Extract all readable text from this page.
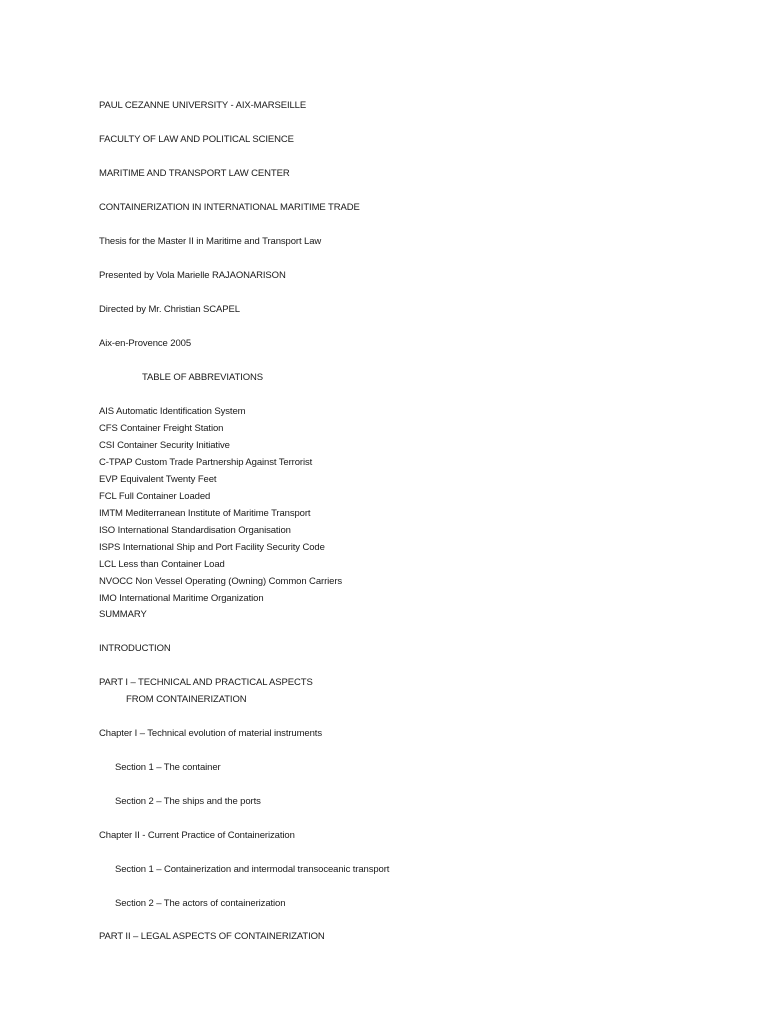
PAUL CEZANNE UNIVERSITY - AIX-MARSEILLE
FACULTY OF LAW AND POLITICAL SCIENCE
MARITIME AND TRANSPORT LAW CENTER
CONTAINERIZATION IN INTERNATIONAL MARITIME TRADE
Thesis for the Master II in Maritime and Transport Law
Presented by Vola Marielle RAJAONARISON
Directed by Mr. Christian SCAPEL
Aix-en-Provence 2005
TABLE OF ABBREVIATIONS
AIS Automatic Identification System
CFS Container Freight Station
CSI Container Security Initiative
C-TPAP Custom Trade Partnership Against Terrorist
EVP Equivalent Twenty Feet
FCL Full Container Loaded
IMTM Mediterranean Institute of Maritime Transport
ISO International Standardisation Organisation
ISPS International Ship and Port Facility Security Code
LCL Less than Container Load
NVOCC Non Vessel Operating (Owning) Common Carriers
IMO International Maritime Organization
SUMMARY
INTRODUCTION
PART I – TECHNICAL AND PRACTICAL ASPECTS
FROM CONTAINERIZATION
Chapter I – Technical evolution of material instruments
Section 1 – The container
Section 2 – The ships and the ports
Chapter II - Current Practice of Containerization
Section 1 – Containerization and intermodal transoceanic transport
Section 2 – The actors of containerization
PART II – LEGAL ASPECTS OF CONTAINERIZATION
